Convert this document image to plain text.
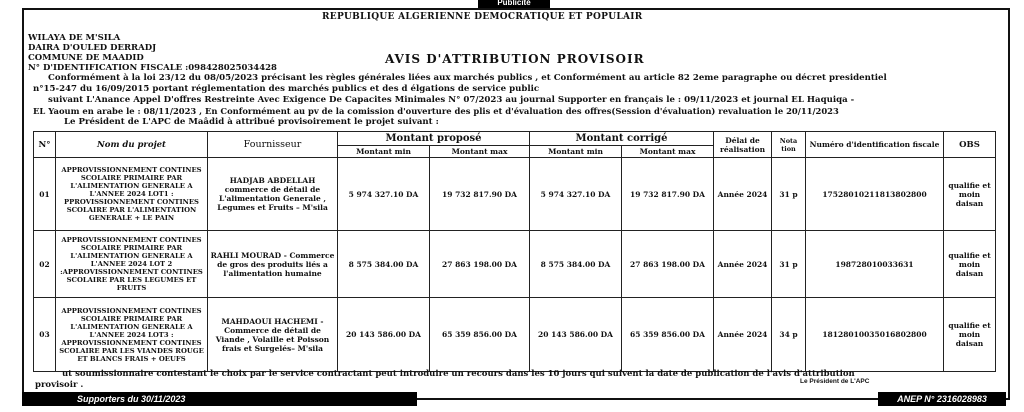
Publicité
REPUBLIQUE ALGERIENNE DEMOCRATIQUE ET POPULAIR
WILAYA DE M'SILA
DAIRA D'OULED DERRADJ
COMMUNE DE MAADID
N° D'IDENTIFICATION FISCALE :098428025034428
AVIS D'ATTRIBUTION PROVISOIR
Conformément à la loi 23/12 du 08/05/2023 précisant les règles générales liées aux marchés publics , et Conformément au article 82 2eme paragraphe ou décret presidentiel
n°15-247 du 16/09/2015 portant réglementation des marchés publics et des d élgations de service public
suivant L'Anance Appel D'offres Restreinte Avec Exigence De Capacites Minimales N° 07/2023 au journal Supporter en français le : 09/11/2023 et journal EL Haquiqa -
EL Yaoum en arabe le : 08/11/2023 , En Conformément au pv de la comission d'ouverture des plis et d'évaluation des offres(Session d'évaluation) revaluation le 20/11/2023
Le Président de L'APC de Maâdid à attribué provisoirement le projet suivant :
N°	Nom du projet	Fournisseur	Montant proposé		Montant corrigé		Délai de réalisation	Nota tion	Numéro d'identification fiscale	OBS
			Montant min	Montant max	Montant min	Montant max				
01	APPROVISSIONNEMENT CONTINES SCOLAIRE PRIMAIRE PAR L'ALIMENTATION GENERALE A L'ANNEE 2024 LOT1 : PPROVISSIONNEMENT CONTINES SCOLAIRE PAR L'ALIMENTATION GENERALE + LE PAIN	HADJAB ABDELLAH commerce de détail de L'alimentation Generale , Legumes et Fruits – M'sila	5 974 327.10 DA	19 732 817.90 DA	5 974 327.10 DA	19 732 817.90 DA	Année 2024	31 p	17528010211813802800	qualifie et moin daisan
02	APPROVISSIONNEMENT CONTINES SCOLAIRE PRIMAIRE PAR L'ALIMENTATION GENERALE A L'ANNEE 2024 LOT 2 :APPROVISSIONNEMENT CONTINES SCOLAIRE PAR LES LEGUMES ET FRUITS	RAHLI MOURAD - Commerce de gros des produits liés a l'alimentation humaine	8 575 384.00 DA	27 863 198.00 DA	8 575 384.00 DA	27 863 198.00 DA	Année 2024	31 p	198728010033631	qualifie et moin daisan
03	APPROVISSIONNEMENT CONTINES SCOLAIRE PRIMAIRE PAR L'ALIMENTATION GENERALE A L'ANNEE 2024 LOT3 : APPROVISSIONNEMENT CONTINES SCOLAIRE PAR LES VIANDES ROUGE ET BLANCS FRAIS + OEUFS	MAHDAOUI HACHEMI - Commerce de détail de Viande , Volaille et Poisson frais et Surgelés– M'sila	20 143 586.00 DA	65 359 856.00 DA	20 143 586.00 DA	65 359 856.00 DA	Année 2024	34 p	18128010035016802800	qualifie et moin daisan
ut soumissionnaire contestant le choix par le service contractant peut introduire un recours dans les 10 jours qui suivent la date de publication de l'avis d'attribution
provisoir .	Le Président de L'APC
Supporters du 30/11/2023	ANEP N° 2316028983
